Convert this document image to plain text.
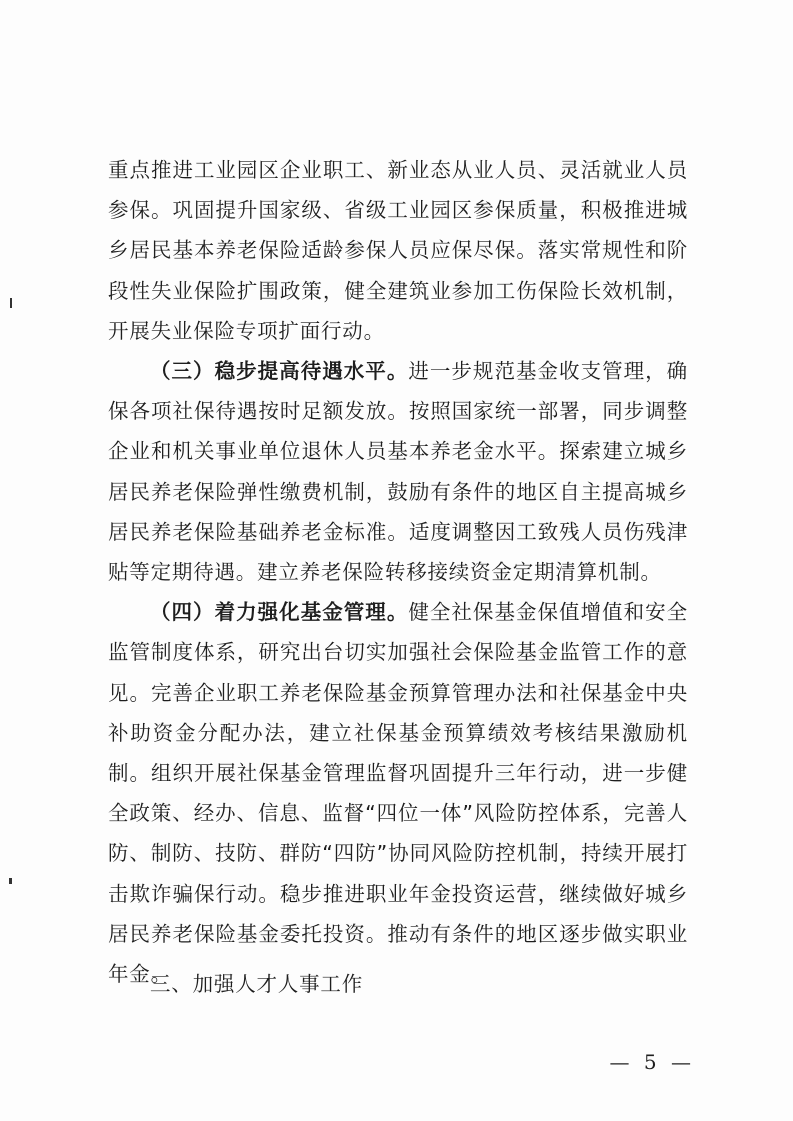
重点推进工业园区企业职工、新业态从业人员、灵活就业人员参保。巩固提升国家级、省级工业园区参保质量，积极推进城乡居民基本养老保险适龄参保人员应保尽保。落实常规性和阶段性失业保险扩围政策，健全建筑业参加工伤保险长效机制，开展失业保险专项扩面行动。

（三）稳步提高待遇水平。进一步规范基金收支管理，确保各项社保待遇按时足额发放。按照国家统一部署，同步调整企业和机关事业单位退休人员基本养老金水平。探索建立城乡居民养老保险弹性缴费机制，鼓励有条件的地区自主提高城乡居民养老保险基础养老金标准。适度调整因工致残人员伤残津贴等定期待遇。建立养老保险转移接续资金定期清算机制。

（四）着力强化基金管理。健全社保基金保值增值和安全监管制度体系，研究出台切实加强社会保险基金监管工作的意见。完善企业职工养老保险基金预算管理办法和社保基金中央补助资金分配办法，建立社保基金预算绩效考核结果激励机制。组织开展社保基金管理监督巩固提升三年行动，进一步健全政策、经办、信息、监督“四位一体”风险防控体系，完善人防、制防、技防、群防“四防”协同风险防控机制，持续开展打击欺诈骗保行动。稳步推进职业年金投资运营，继续做好城乡居民养老保险基金委托投资。推动有条件的地区逐步做实职业年金。

三、加强人才人事工作

— 5 —
